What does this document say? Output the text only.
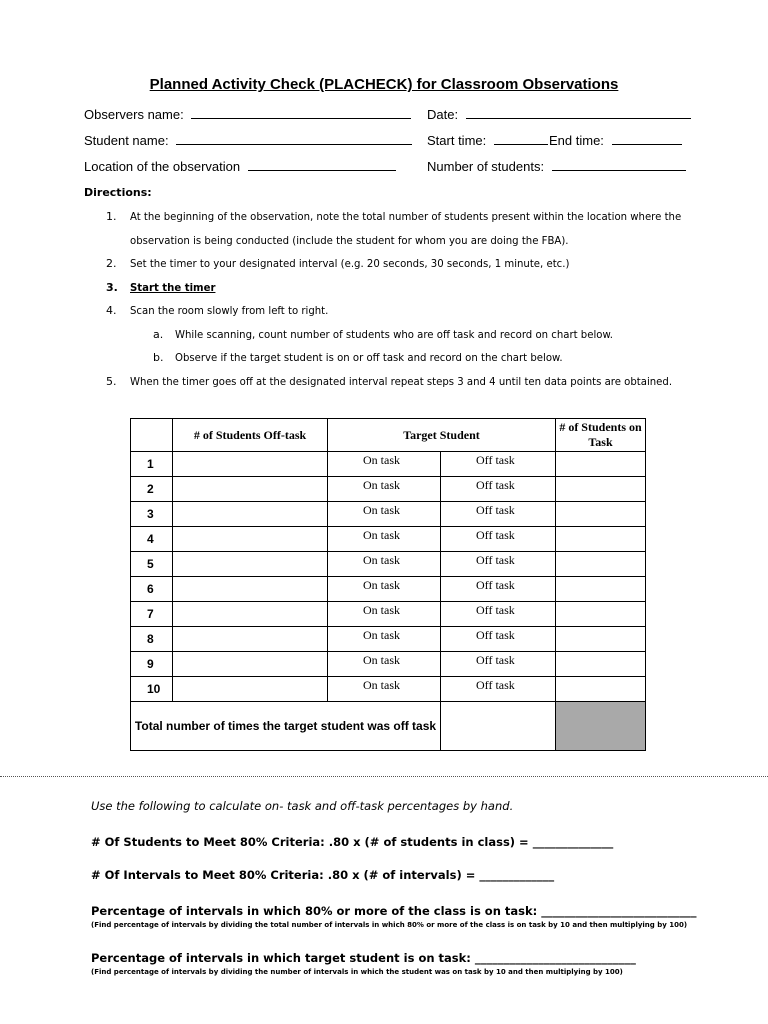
Planned Activity Check (PLACHECK) for Classroom Observations
Observers name:	Date:
Student name:	Start time:	End time:
Location of the observation	Number of students:
Directions:
1. At the beginning of the observation, note the total number of students present within the location where the
observation is being conducted (include the student for whom you are doing the FBA).
2. Set the timer to your designated interval (e.g. 20 seconds, 30 seconds, 1 minute, etc.)
3. Start the timer
4. Scan the room slowly from left to right.
a. While scanning, count number of students who are off task and record on chart below.
b. Observe if the target student is on or off task and record on the chart below.
5. When the timer goes off at the designated interval repeat steps 3 and 4 until ten data points are obtained.
	# of Students Off-task	Target Student		# of Students on Task
1		On task	Off task	

2		On task	Off task	

3		On task	Off task	

4		On task	Off task	

5		On task	Off task	

6		On task	Off task	

7		On task	Off task	

8		On task	Off task	

9		On task	Off task	

10		On task	Off task	

Total number of times the target student was off task				
Use the following to calculate on- task and off-task percentages by hand.
# Of Students to Meet 80% Criteria: .80 x (# of students in class) = ______________
# Of Intervals to Meet 80% Criteria: .80 x (# of intervals) = _____________
Percentage of intervals in which 80% or more of the class is on task: ___________________________
(Find percentage of intervals by dividing the total number of intervals in which 80% or more of the class is on task by 10 and then multiplying by 100)
Percentage of intervals in which target student is on task: ____________________________
(Find percentage of intervals by dividing the number of intervals in which the student was on task by 10 and then multiplying by 100)
